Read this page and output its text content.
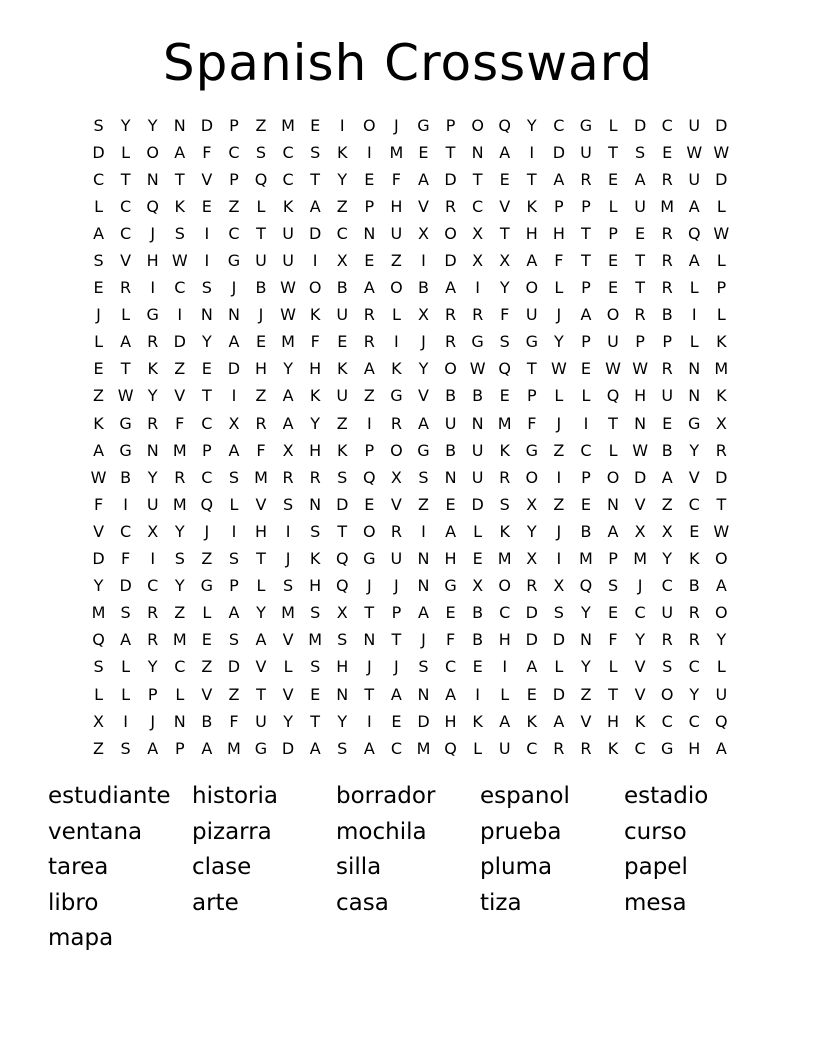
Spanish Crossward
S	Y	Y	N D	P	Z M E	I	O	J	G	P O Q Y	C G	L	D C U D
D	L	O A	F	C	S	C	S	K	I	M E	T	N A	I	D U	T	S	E W W
C	T	N	T	V	P Q C	T	Y	E	F	A D	T	E	T	A	R	E	A	R U D
L	C Q K	E	Z	L	K	A	Z	P	H V	R C	V	K	P	P	L	U M A	L
A	C	J	S	I	C	T	U D C N U X O X	T	H H	T	P	E	R Q W
S	V H W	I	G U U	I	X	E	Z	I	D X	X	A	F	T	E	T	R	A	L
E	R	I	C	S	J	B W O B	A O B	A	I	Y O	L	P	E	T	R	L	P
J	L	G	I	N N	J	W K U R	L	X	R R	F	U	J	A O R	B	I	L
L	A	R D	Y	A	E M F	E	R	I	J	R G S G Y	P	U	P	P	L	K
E	T	K	Z	E D H	Y	H K	A	K	Y O W Q T W E W W R N M
Z W Y	V	T	I	Z	A	K U Z G V	B	B	E	P	L	L	Q H U N K
K G R	F	C	X	R	A	Y	Z	I	R	A U N M F	J	I	T	N	E G X
A G N M P	A	F	X H K	P O G B U K G Z	C	L W B	Y	R
W B	Y	R C	S M R R	S Q X	S	N U R O	I	P O D A	V D
F	I	U M Q	L	V	S	N D E	V	Z	E D S	X	Z	E	N V	Z	C	T
V	C	X	Y	J	I	H	I	S	T O R	I	A	L	K	Y	J	B	A	X	X	E W
D	F	I	S	Z	S	T	J	K Q G U N H	E M X	I	M P M Y	K O
Y	D C	Y G	P	L	S H Q	J	J	N G X O R	X Q S	J	C	B	A
M S	R	Z	L	A	Y M S	X	T	P	A	E	B	C D S	Y	E	C U R O
Q A	R M E	S	A	V M S	N	T	J	F	B H D D N	F	Y	R R	Y
S	L	Y	C	Z D V	L	S H	J	J	S	C	E	I	A	L	Y	L	V	S	C	L
L	L	P	L	V	Z	T	V	E	N	T	A N A	I	L	E D Z	T	V O Y	U
X	I	J	N B	F	U	Y	T	Y	I	E D H K	A	K	A	V H K	C C Q
Z	S	A	P	A M G D A	S	A	C M Q	L	U C R R	K	C G H A
estudiante historia	borrador	espanol	estadio
ventana	pizarra	mochila	prueba	curso
tarea	clase	silla	pluma	papel
libro	arte	casa	tiza	mesa
mapa
